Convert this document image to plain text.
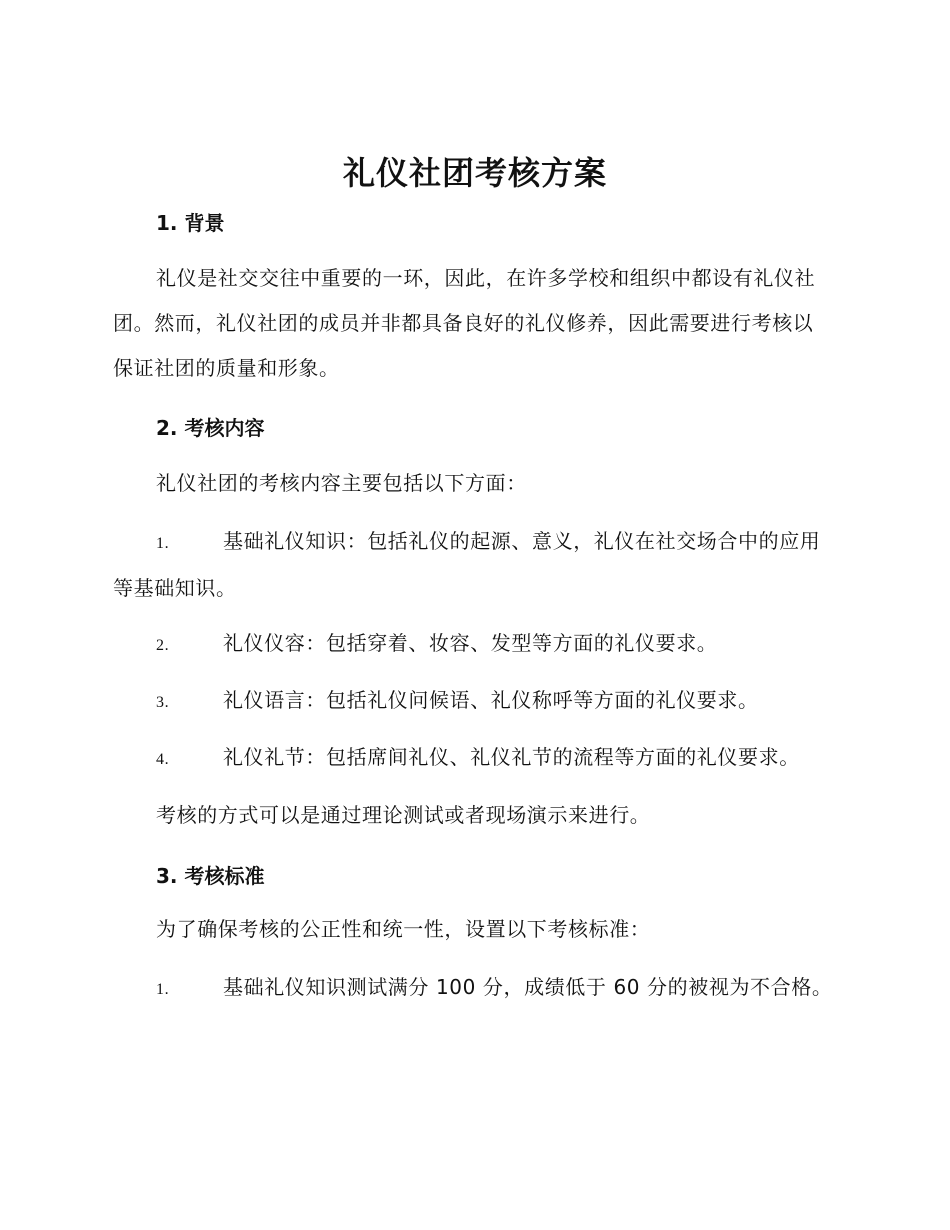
礼仪社团考核方案
1. 背景
礼仪是社交交往中重要的一环，因此，在许多学校和组织中都设有礼仪社团。然而，礼仪社团的成员并非都具备良好的礼仪修养，因此需要进行考核以保证社团的质量和形象。
2. 考核内容
礼仪社团的考核内容主要包括以下方面：
1.	基础礼仪知识：包括礼仪的起源、意义，礼仪在社交场合中的应用等基础知识。
2.	礼仪仪容：包括穿着、妆容、发型等方面的礼仪要求。
3.	礼仪语言：包括礼仪问候语、礼仪称呼等方面的礼仪要求。
4.	礼仪礼节：包括席间礼仪、礼仪礼节的流程等方面的礼仪要求。
考核的方式可以是通过理论测试或者现场演示来进行。
3. 考核标准
为了确保考核的公正性和统一性，设置以下考核标准：
1.	基础礼仪知识测试满分 100 分，成绩低于 60 分的被视为不合格。
